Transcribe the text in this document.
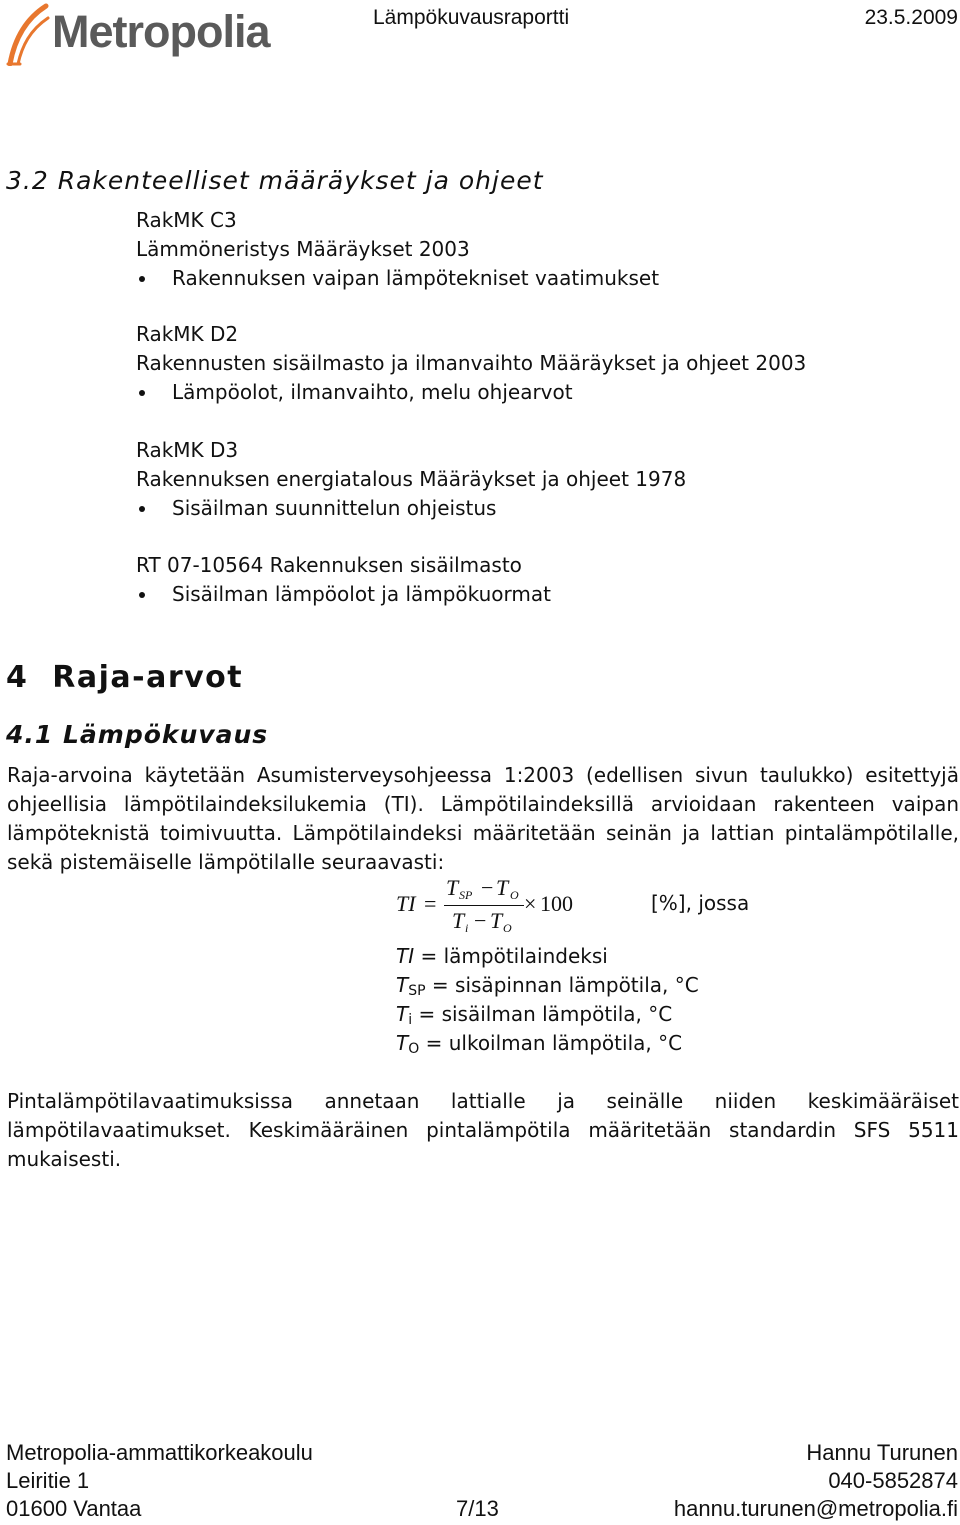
Metropolia	Lämpökuvausraportti	23.5.2009
3.2 Rakenteelliset määräykset ja ohjeet
RakMK C3
Lämmöneristys Määräykset 2003
Rakennuksen vaipan lämpötekniset vaatimukset
RakMK D2
Rakennusten sisäilmasto ja ilmanvaihto Määräykset ja ohjeet 2003
Lämpöolot, ilmanvaihto, melu ohjearvot
RakMK D3
Rakennuksen energiatalous Määräykset ja ohjeet 1978
Sisäilman suunnittelun ohjeistus
RT 07-10564 Rakennuksen sisäilmasto
Sisäilman lämpöolot ja lämpökuormat
4  Raja-arvot
4.1 Lämpökuvaus
Raja-arvoina käytetään Asumisterveysohjeessa 1:2003 (edellisen sivun taulukko) esitettyjä
ohjeellisia lämpötilaindeksilukemia (TI). Lämpötilaindeksillä arvioidaan rakenteen vaipan
lämpöteknistä toimivuutta. Lämpötilaindeksi määritetään seinän ja lattian pintalämpötilalle,
sekä pistemäiselle lämpötilalle seuraavasti:
TI =
T SP − T O
T i − T O
× 100	[%], jossa
TI = lämpötilaindeksi
$T_{SP}$ = sisäpinnan lämpötila, °C
$T_i$ = sisäilman lämpötila, °C
$T_O$ = ulkoilman lämpötila, °C
Pintalämpötilavaatimuksissa annetaan lattialle ja seinälle niiden keskimääräiset
lämpötilavaatimukset. Keskimääräinen pintalämpötila määritetään standardin SFS 5511
mukaisesti.
Metropolia-ammattikorkeakoulu
Leiritie 1
01600 Vantaa	7/13
Hannu Turunen
040-5852874
hannu.turunen@metropolia.fi
